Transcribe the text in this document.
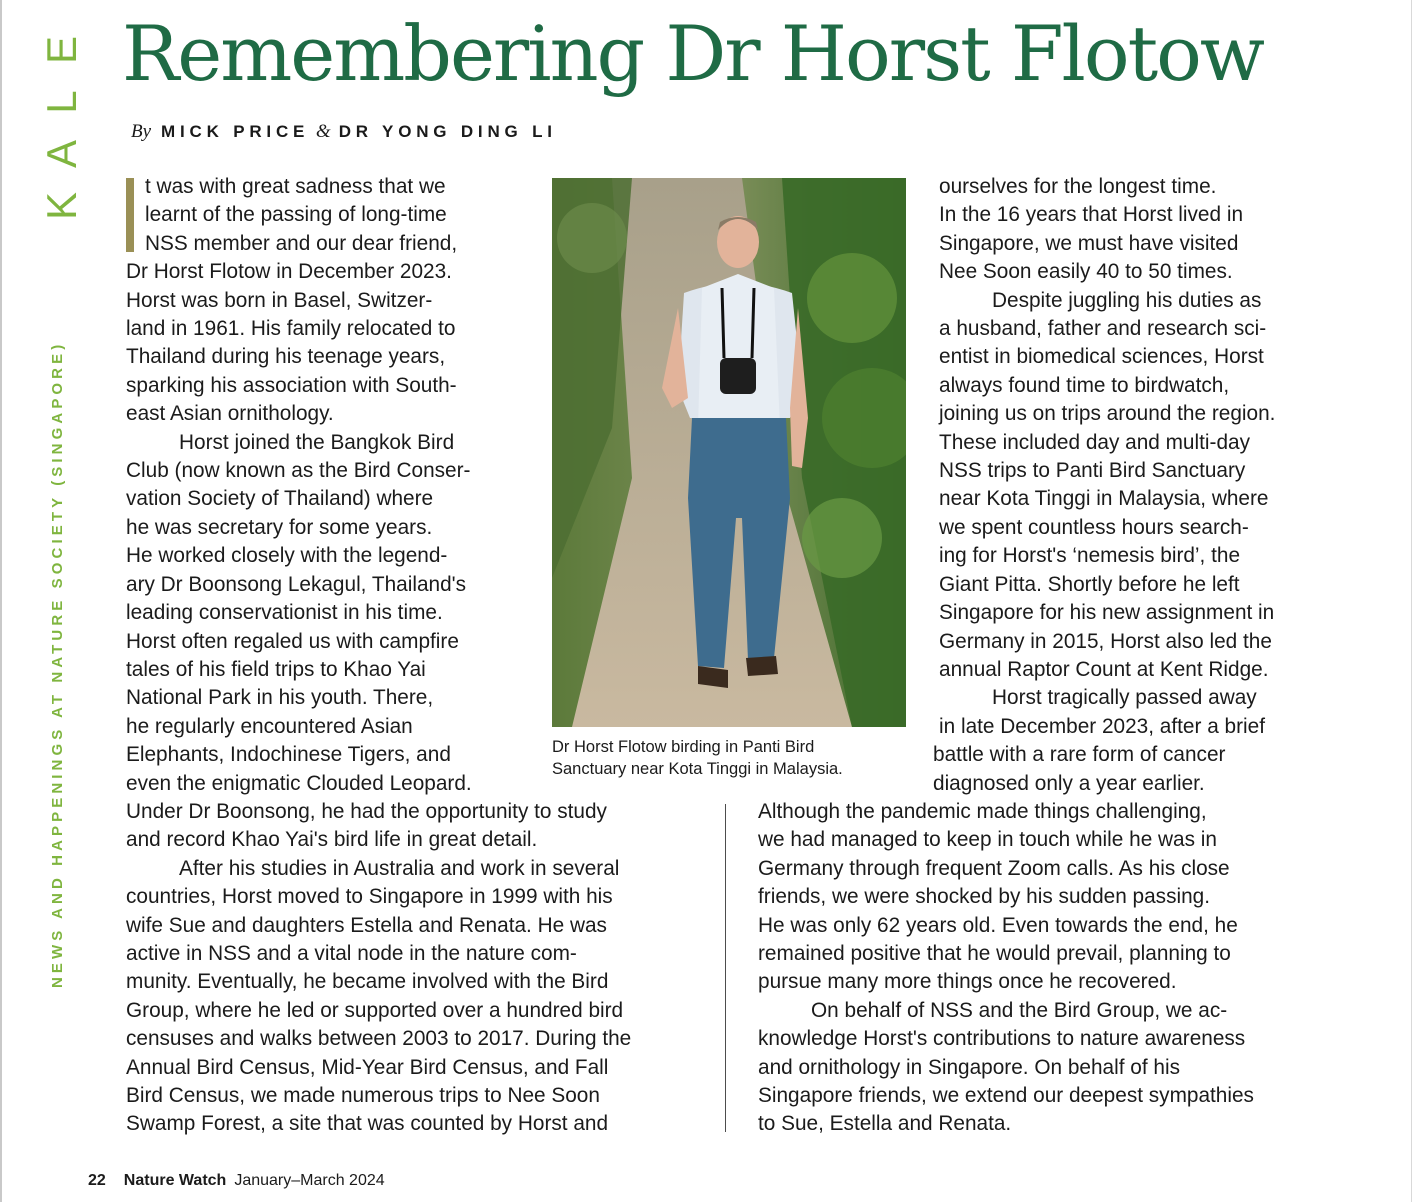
E
L
A
K
NEWS AND HAPPENINGS AT NATURE SOCIETY (SINGAPORE)
Remembering Dr Horst Flotow
By MICK PRICE & DR YONG DING LI

t was with great sadness that we

learnt of the passing of long-time

NSS member and our dear friend,

Dr Horst Flotow in December 2023.

Horst was born in Basel, Switzer-

land in 1961. His family relocated to

Thailand during his teenage years,

sparking his association with South-

east Asian ornithology.

Horst joined the Bangkok Bird

Club (now known as the Bird Conser-

vation Society of Thailand) where

he was secretary for some years.

He worked closely with the legend-

ary Dr Boonsong Lekagul, Thailand's

leading conservationist in his time.

Horst often regaled us with campfire

tales of his field trips to Khao Yai

National Park in his youth. There,

he regularly encountered Asian

Elephants, Indochinese Tigers, and

even the enigmatic Clouded Leopard.

Dr Horst Flotow birding in Panti Bird

Sanctuary near Kota Tinggi in Malaysia.

ourselves for the longest time.

In the 16 years that Horst lived in

Singapore, we must have visited

Nee Soon easily 40 to 50 times.

Despite juggling his duties as

a husband, father and research sci-

entist in biomedical sciences, Horst

always found time to birdwatch,

joining us on trips around the region.

These included day and multi-day

NSS trips to Panti Bird Sanctuary

near Kota Tinggi in Malaysia, where

we spent countless hours search-

ing for Horst's ‘nemesis bird’, the

Giant Pitta. Shortly before he left

Singapore for his new assignment in

Germany in 2015, Horst also led the

annual Raptor Count at Kent Ridge.

Horst tragically passed away

in late December 2023, after a brief

battle with a rare form of cancer

diagnosed only a year earlier.

Under Dr Boonsong, he had the opportunity to study

and record Khao Yai's bird life in great detail.

After his studies in Australia and work in several

countries, Horst moved to Singapore in 1999 with his

wife Sue and daughters Estella and Renata. He was

active in NSS and a vital node in the nature com-

munity. Eventually, he became involved with the Bird

Group, where he led or supported over a hundred bird

censuses and walks between 2003 to 2017. During the

Annual Bird Census, Mid-Year Bird Census, and Fall

Bird Census, we made numerous trips to Nee Soon

Swamp Forest, a site that was counted by Horst and

Although the pandemic made things challenging,

we had managed to keep in touch while he was in

Germany through frequent Zoom calls. As his close

friends, we were shocked by his sudden passing.

He was only 62 years old. Even towards the end, he

remained positive that he would prevail, planning to

pursue many more things once he recovered.

On behalf of NSS and the Bird Group, we ac-

knowledge Horst's contributions to nature awareness

and ornithology in Singapore. On behalf of his

Singapore friends, we extend our deepest sympathies

to Sue, Estella and Renata.

22 Nature Watch January–March 2024
